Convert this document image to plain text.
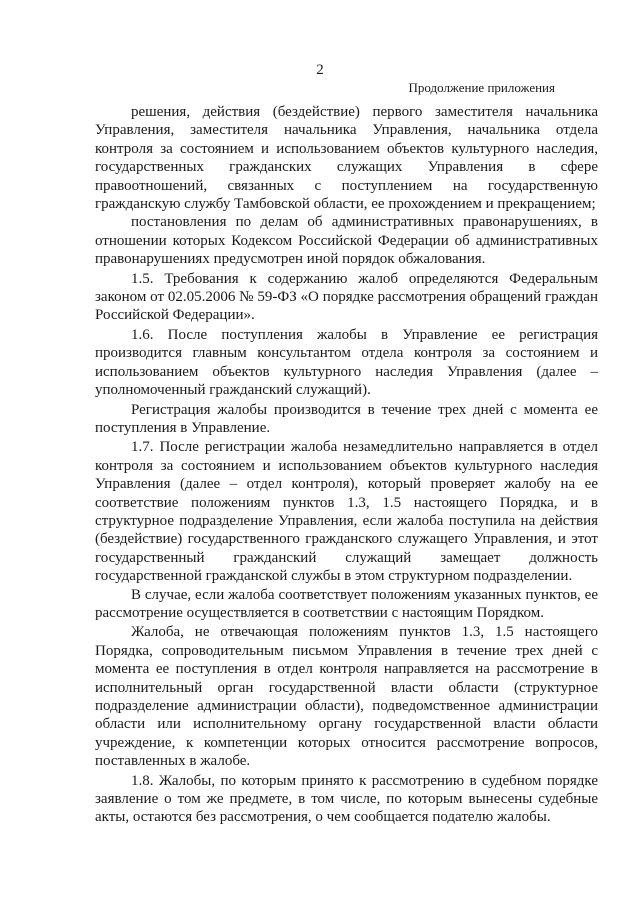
2
Продолжение приложения

решения, действия (бездействие) первого заместителя начальника Управления, заместителя начальника Управления, начальника отдела контроля за состоянием и использованием объектов культурного наследия, государственных гражданских служащих Управления в сфере правоотношений, связанных с поступлением на государственную гражданскую службу Тамбовской области, ее прохождением и прекращением;

постановления по делам об административных правонарушениях, в отношении которых Кодексом Российской Федерации об административных правонарушениях предусмотрен иной порядок обжалования.

1.5. Требования к содержанию жалоб определяются Федеральным законом от 02.05.2006 № 59-ФЗ «О порядке рассмотрения обращений граждан Российской Федерации».

1.6. После поступления жалобы в Управление ее регистрация производится главным консультантом отдела контроля за состоянием и использованием объектов культурного наследия Управления (далее – уполномоченный гражданский служащий).

Регистрация жалобы производится в течение трех дней с момента ее поступления в Управление.

1.7. После регистрации жалоба незамедлительно направляется в отдел контроля за состоянием и использованием объектов культурного наследия Управления (далее – отдел контроля), который проверяет жалобу на ее соответствие положениям пунктов 1.3, 1.5 настоящего Порядка, и в структурное подразделение Управления, если жалоба поступила на действия (бездействие) государственного гражданского служащего Управления, и этот государственный гражданский служащий замещает должность государственной гражданской службы в этом структурном подразделении.

В случае, если жалоба соответствует положениям указанных пунктов, ее рассмотрение осуществляется в соответствии с настоящим Порядком.

Жалоба, не отвечающая положениям пунктов 1.3, 1.5 настоящего Порядка, сопроводительным письмом Управления в течение трех дней с момента ее поступления в отдел контроля направляется на рассмотрение в исполнительный орган государственной власти области (структурное подразделение администрации области), подведомственное администрации области или исполнительному органу государственной власти области учреждение, к компетенции которых относится рассмотрение вопросов, поставленных в жалобе.

1.8. Жалобы, по которым принято к рассмотрению в судебном порядке заявление о том же предмете, в том числе, по которым вынесены судебные акты, остаются без рассмотрения, о чем сообщается подателю жалобы.
